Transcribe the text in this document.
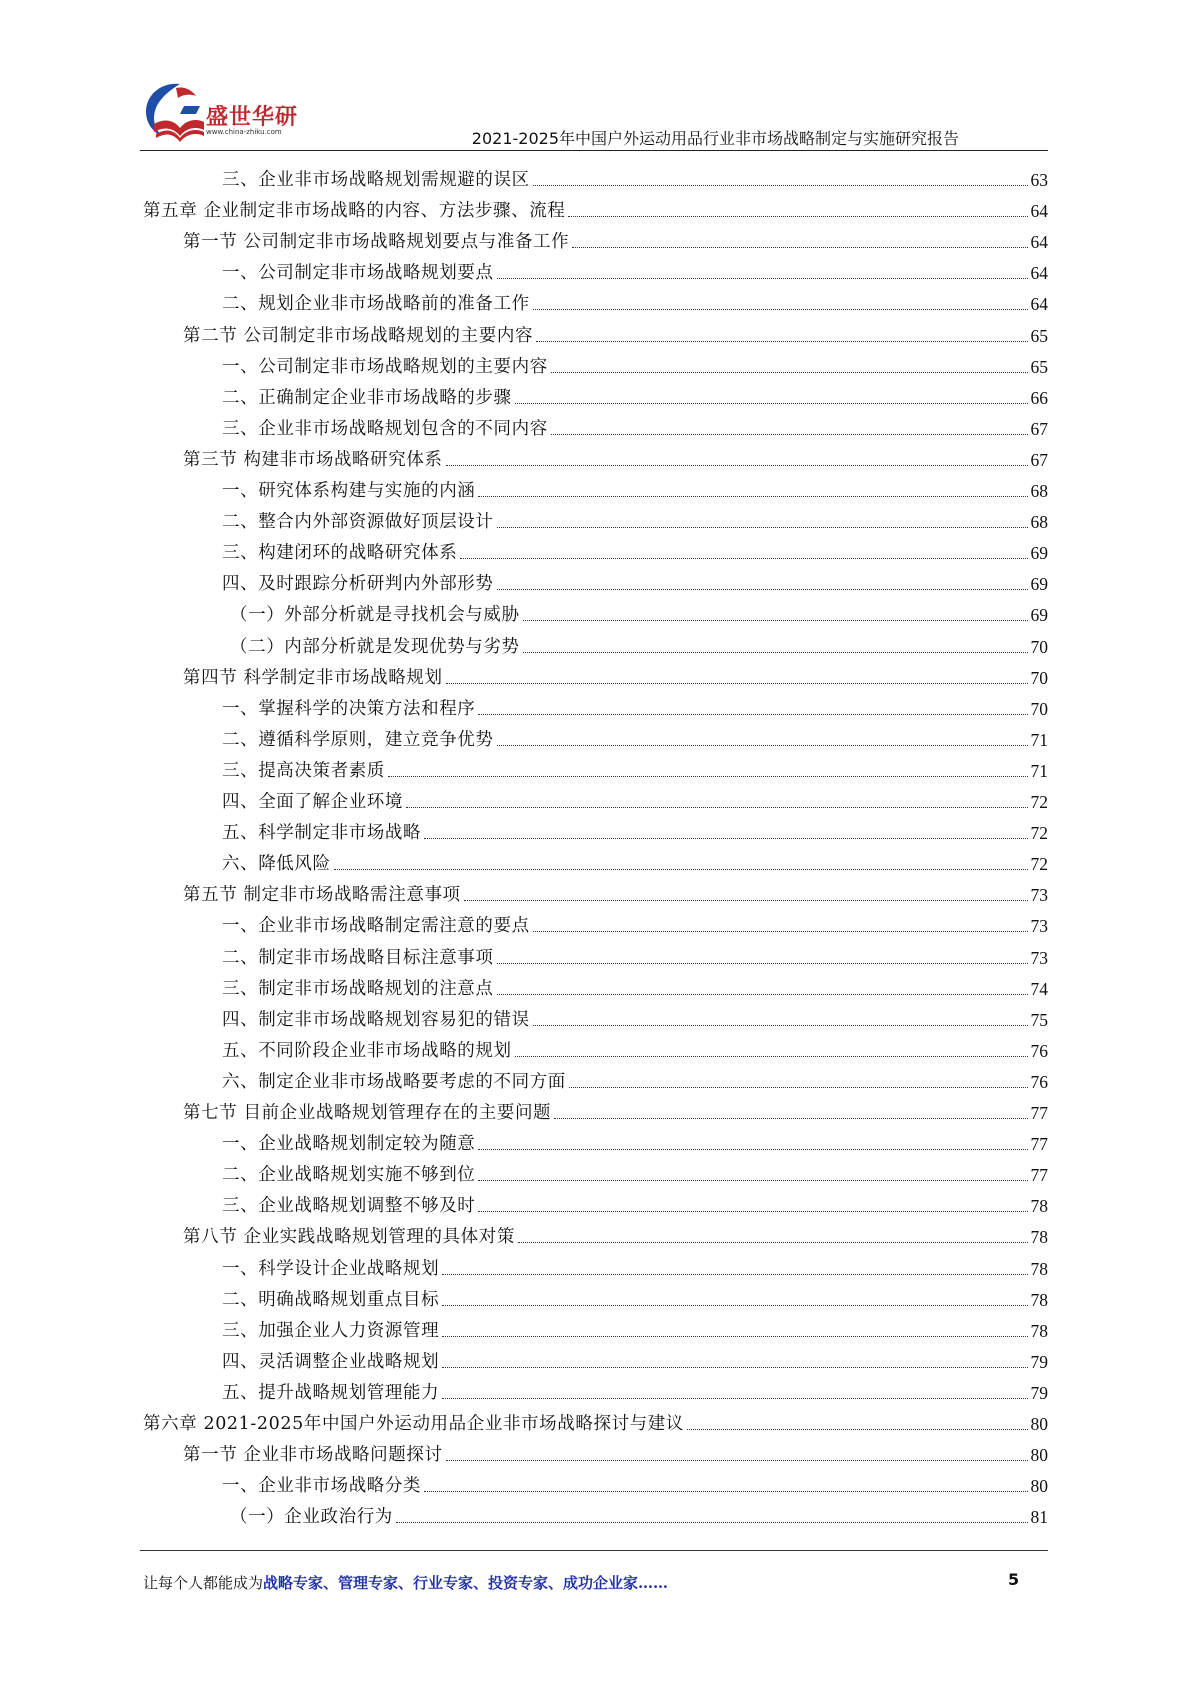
盛世华研
www.china-zhiku.com	2021-2025年中国户外运动用品行业非市场战略制定与实施研究报告
三、企业非市场战略规划需规避的误区	63
第五章 企业制定非市场战略的内容、方法步骤、流程	64
第一节 公司制定非市场战略规划要点与准备工作	64
一、公司制定非市场战略规划要点	64
二、规划企业非市场战略前的准备工作	64
第二节 公司制定非市场战略规划的主要内容	65
一、公司制定非市场战略规划的主要内容	65
二、正确制定企业非市场战略的步骤	66
三、企业非市场战略规划包含的不同内容	67
第三节 构建非市场战略研究体系	67
一、研究体系构建与实施的内涵	68
二、整合内外部资源做好顶层设计	68
三、构建闭环的战略研究体系	69
四、及时跟踪分析研判内外部形势	69
（一）外部分析就是寻找机会与威胁	69
（二）内部分析就是发现优势与劣势	70
第四节 科学制定非市场战略规划	70
一、掌握科学的决策方法和程序	70
二、遵循科学原则，建立竞争优势	71
三、提高决策者素质	71
四、全面了解企业环境	72
五、科学制定非市场战略	72
六、降低风险	72
第五节 制定非市场战略需注意事项	73
一、企业非市场战略制定需注意的要点	73
二、制定非市场战略目标注意事项	73
三、制定非市场战略规划的注意点	74
四、制定非市场战略规划容易犯的错误	75
五、不同阶段企业非市场战略的规划	76
六、制定企业非市场战略要考虑的不同方面	76
第七节 目前企业战略规划管理存在的主要问题	77
一、企业战略规划制定较为随意	77
二、企业战略规划实施不够到位	77
三、企业战略规划调整不够及时	78
第八节 企业实践战略规划管理的具体对策	78
一、科学设计企业战略规划	78
二、明确战略规划重点目标	78
三、加强企业人力资源管理	78
四、灵活调整企业战略规划	79
五、提升战略规划管理能力	79
第六章 2021-2025年中国户外运动用品企业非市场战略探讨与建议	80
第一节 企业非市场战略问题探讨	80
一、企业非市场战略分类	80
（一）企业政治行为	81
让每个人都能成为战略专家、管理专家、行业专家、投资专家、成功企业家……	5
